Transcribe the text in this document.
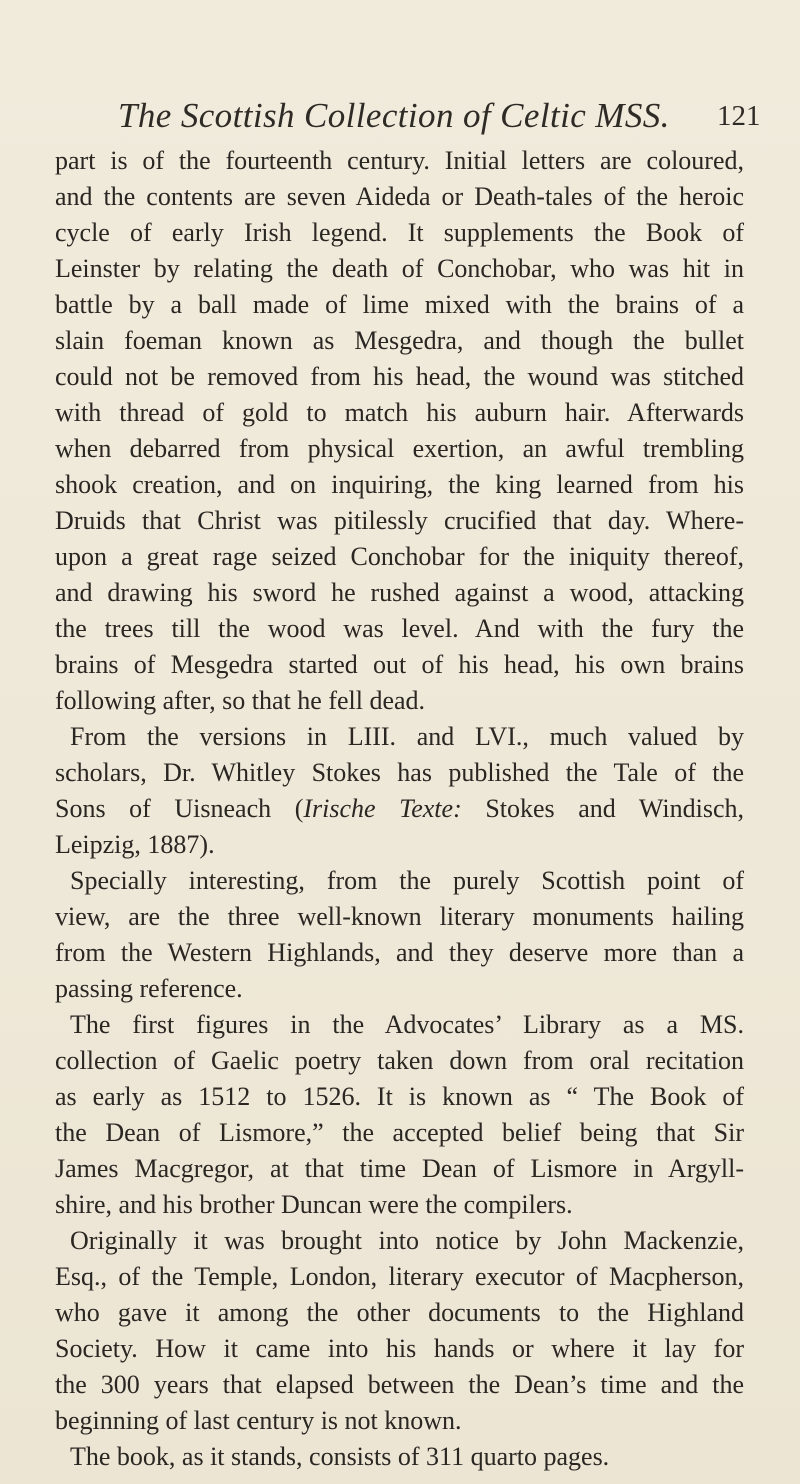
The Scottish Collection of Celtic MSS. 121
part is of the fourteenth century. Initial letters are coloured,
and the contents are seven Aideda or Death-tales of the heroic
cycle of early Irish legend. It supplements the Book of
Leinster by relating the death of Conchobar, who was hit in
battle by a ball made of lime mixed with the brains of a
slain foeman known as Mesgedra, and though the bullet
could not be removed from his head, the wound was stitched
with thread of gold to match his auburn hair. Afterwards
when debarred from physical exertion, an awful trembling
shook creation, and on inquiring, the king learned from his
Druids that Christ was pitilessly crucified that day. Where-
upon a great rage seized Conchobar for the iniquity thereof,
and drawing his sword he rushed against a wood, attacking
the trees till the wood was level. And with the fury the
brains of Mesgedra started out of his head, his own brains
following after, so that he fell dead.
From the versions in LIII. and LVI., much valued by
scholars, Dr. Whitley Stokes has published the Tale of the
Sons of Uisneach (Irische Texte: Stokes and Windisch,
Leipzig, 1887).
Specially interesting, from the purely Scottish point of
view, are the three well-known literary monuments hailing
from the Western Highlands, and they deserve more than a
passing reference.
The first figures in the Advocates’ Library as a MS.
collection of Gaelic poetry taken down from oral recitation
as early as 1512 to 1526. It is known as “ The Book of
the Dean of Lismore,” the accepted belief being that Sir
James Macgregor, at that time Dean of Lismore in Argyll-
shire, and his brother Duncan were the compilers.
Originally it was brought into notice by John Mackenzie,
Esq., of the Temple, London, literary executor of Macpherson,
who gave it among the other documents to the Highland
Society. How it came into his hands or where it lay for
the 300 years that elapsed between the Dean’s time and the
beginning of last century is not known.
The book, as it stands, consists of 311 quarto pages.
